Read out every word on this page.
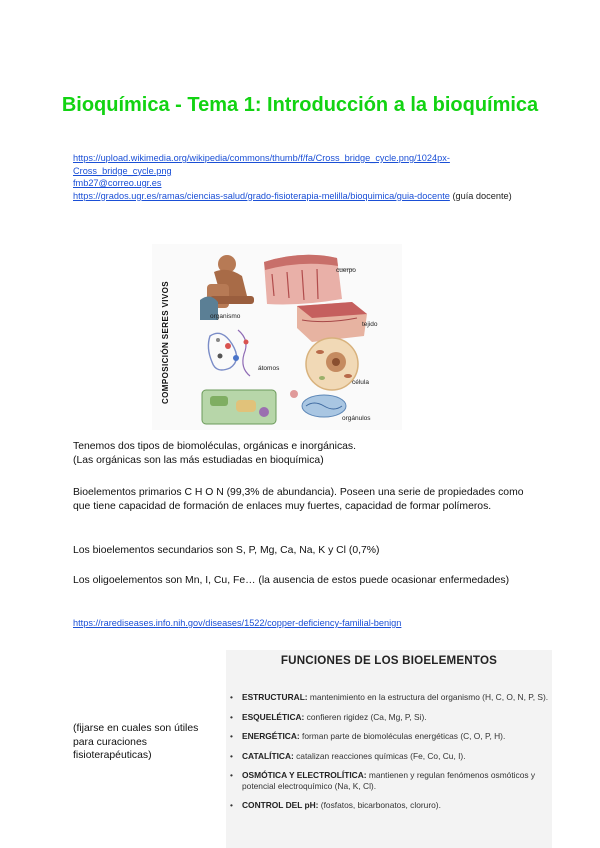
Bioquímica - Tema 1: Introducción a la bioquímica
https://upload.wikimedia.org/wikipedia/commons/thumb/f/fa/Cross_bridge_cycle.png/1024px-Cross_bridge_cycle.png
fmb27@correo.ugr.es
https://grados.ugr.es/ramas/ciencias-salud/grado-fisioterapia-melilla/bioquimica/guia-docente (guía docente)
COMPOSICIÓN SERES VIVOS
cuerpo
organismo
tejido
átomos
célula
orgánulos
Tenemos dos tipos de biomoléculas, orgánicas e inorgánicas.
(Las orgánicas son las más estudiadas en bioquímica)
Bioelementos primarios C H O N (99,3% de abundancia). Poseen una serie de propiedades como que tiene capacidad de formación de enlaces muy fuertes, capacidad de formar polímeros.
Los bioelementos secundarios son S, P, Mg, Ca, Na, K y Cl (0,7%)
Los oligoelementos son Mn, I, Cu, Fe… (la ausencia de estos puede ocasionar enfermedades)
https://rarediseases.info.nih.gov/diseases/1522/copper-deficiency-familial-benign
(fijarse en cuales son útiles para curaciones fisioterapéuticas)
FUNCIONES DE LOS BIOELEMENTOS
• ESTRUCTURAL: mantenimiento en la estructura del organismo (H, C, O, N, P, S).
• ESQUELÉTICA: confieren rigidez (Ca, Mg, P, Si).
• ENERGÉTICA: forman parte de biomoléculas energéticas (C, O, P, H).
• CATALÍTICA: catalizan reacciones químicas (Fe, Co, Cu, I).
• OSMÓTICA Y ELECTROLÍTICA: mantienen y regulan fenómenos osmóticos y potencial electroquímico (Na, K, Cl).
• CONTROL DEL pH: (fosfatos, bicarbonatos, cloruro).
